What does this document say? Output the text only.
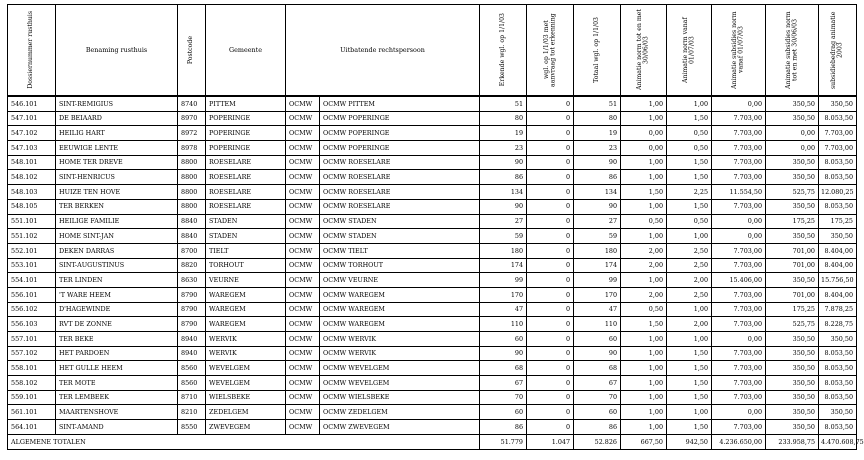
Dossiernummer rusthuis	Benaming rusthuis	Postcode	Gemeente	Uitbatende rechtspersoon		Erkende wgl. op 1/1/03	wgl. op 1/1/03 met aanvraag tot erkenning	Totaal wgl. op 1/1/03	Animatie norm tot en met 30/06/03	Animatie norm vanaf 01/07/03	Animatie subsidies norm vanaf 01/07/03	Animatie subsidies norm tot en met 30/06/03	subsidiebedrag animatie 2003

546.101	SINT-REMIGIUS	8740	PITTEM	OCMW	OCMW PITTEM	51	0	51	1,00	1,00	0,00	350,50	350,50
547.101	DE BEIAARD	8970	POPERINGE	OCMW	OCMW POPERINGE	80	0	80	1,00	1,50	7.703,00	350,50	8.053,50
547.102	HEILIG HART	8972	POPERINGE	OCMW	OCMW POPERINGE	19	0	19	0,00	0,50	7.703,00	0,00	7.703,00
547.103	EEUWIGE LENTE	8978	POPERINGE	OCMW	OCMW POPERINGE	23	0	23	0,00	0,50	7.703,00	0,00	7.703,00
548.101	HOME TER DREVE	8800	ROESELARE	OCMW	OCMW ROESELARE	90	0	90	1,00	1,50	7.703,00	350,50	8.053,50
548.102	SINT-HENRICUS	8800	ROESELARE	OCMW	OCMW ROESELARE	86	0	86	1,00	1,50	7.703,00	350,50	8.053,50
548.103	HUIZE TEN HOVE	8800	ROESELARE	OCMW	OCMW ROESELARE	134	0	134	1,50	2,25	11.554,50	525,75	12.080,25
548.105	TER BERKEN	8800	ROESELARE	OCMW	OCMW ROESELARE	90	0	90	1,00	1,50	7.703,00	350,50	8.053,50
551.101	HEILIGE FAMILIE	8840	STADEN	OCMW	OCMW STADEN	27	0	27	0,50	0,50	0,00	175,25	175,25
551.102	HOME SINT-JAN	8840	STADEN	OCMW	OCMW STADEN	59	0	59	1,00	1,00	0,00	350,50	350,50
552.101	DEKEN DARRAS	8700	TIELT	OCMW	OCMW TIELT	180	0	180	2,00	2,50	7.703,00	701,00	8.404,00
553.101	SINT-AUGUSTINUS	8820	TORHOUT	OCMW	OCMW TORHOUT	174	0	174	2,00	2,50	7.703,00	701,00	8.404,00
554.101	TER LINDEN	8630	VEURNE	OCMW	OCMW VEURNE	99	0	99	1,00	2,00	15.406,00	350,50	15.756,50
556.101	'T WARE HEEM	8790	WAREGEM	OCMW	OCMW WAREGEM	170	0	170	2,00	2,50	7.703,00	701,00	8.404,00
556.102	D'HAGEWINDE	8790	WAREGEM	OCMW	OCMW WAREGEM	47	0	47	0,50	1,00	7.703,00	175,25	7.878,25
556.103	RVT DE ZONNE	8790	WAREGEM	OCMW	OCMW WAREGEM	110	0	110	1,50	2,00	7.703,00	525,75	8.228,75
557.101	TER BEKE	8940	WERVIK	OCMW	OCMW WERVIK	60	0	60	1,00	1,00	0,00	350,50	350,50
557.102	HET PARDOEN	8940	WERVIK	OCMW	OCMW WERVIK	90	0	90	1,00	1,50	7.703,00	350,50	8.053,50
558.101	HET GULLE HEEM	8560	WEVELGEM	OCMW	OCMW WEVELGEM	68	0	68	1,00	1,50	7.703,00	350,50	8.053,50
558.102	TER MOTE	8560	WEVELGEM	OCMW	OCMW WEVELGEM	67	0	67	1,00	1,50	7.703,00	350,50	8.053,50
559.101	TER LEMBEEK	8710	WIELSBEKE	OCMW	OCMW WIELSBEKE	70	0	70	1,00	1,50	7.703,00	350,50	8.053,50
561.101	MAARTENSHOVE	8210	ZEDELGEM	OCMW	OCMW ZEDELGEM	60	0	60	1,00	1,00	0,00	350,50	350,50
564.101	SINT-AMAND	8550	ZWEVEGEM	OCMW	OCMW ZWEVEGEM	86	0	86	1,00	1,50	7.703,00	350,50	8.053,50
ALGEMENE TOTALEN						51.779	1.047	52.826	667,50	942,50	4.236.650,00	233.958,75	4.470.608,75
